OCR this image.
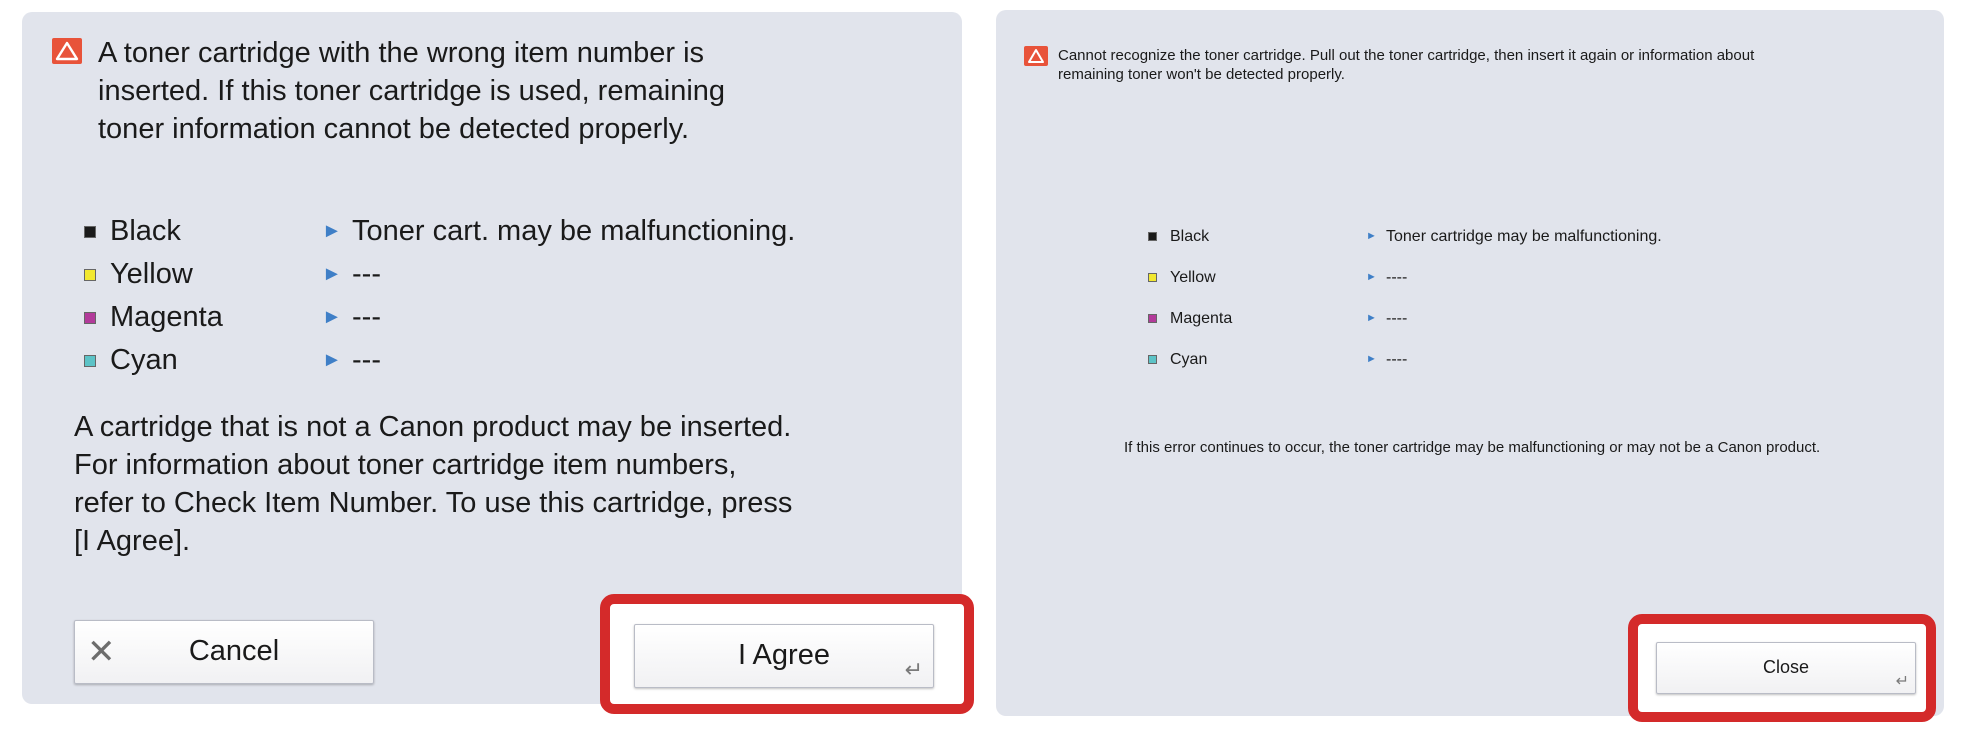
A toner cartridge with the wrong item number is inserted. If this toner cartridge is used, remaining toner information cannot be detected properly.

Black	► Toner cart. may be malfunctioning.
Yellow	► ---
Magenta	► ---
Cyan	► ---

A cartridge that is not a Canon product may be inserted. For information about toner cartridge item numbers, refer to Check Item Number. To use this cartridge, press [I Agree].

✕	Cancel	I Agree	↵

Cannot recognize the toner cartridge. Pull out the toner cartridge, then insert it again or information about remaining toner won't be detected properly.

Black	► Toner cartridge may be malfunctioning.
Yellow	► ----
Magenta	► ----
Cyan	► ----

If this error continues to occur, the toner cartridge may be malfunctioning or may not be a Canon product.

Close
↵
